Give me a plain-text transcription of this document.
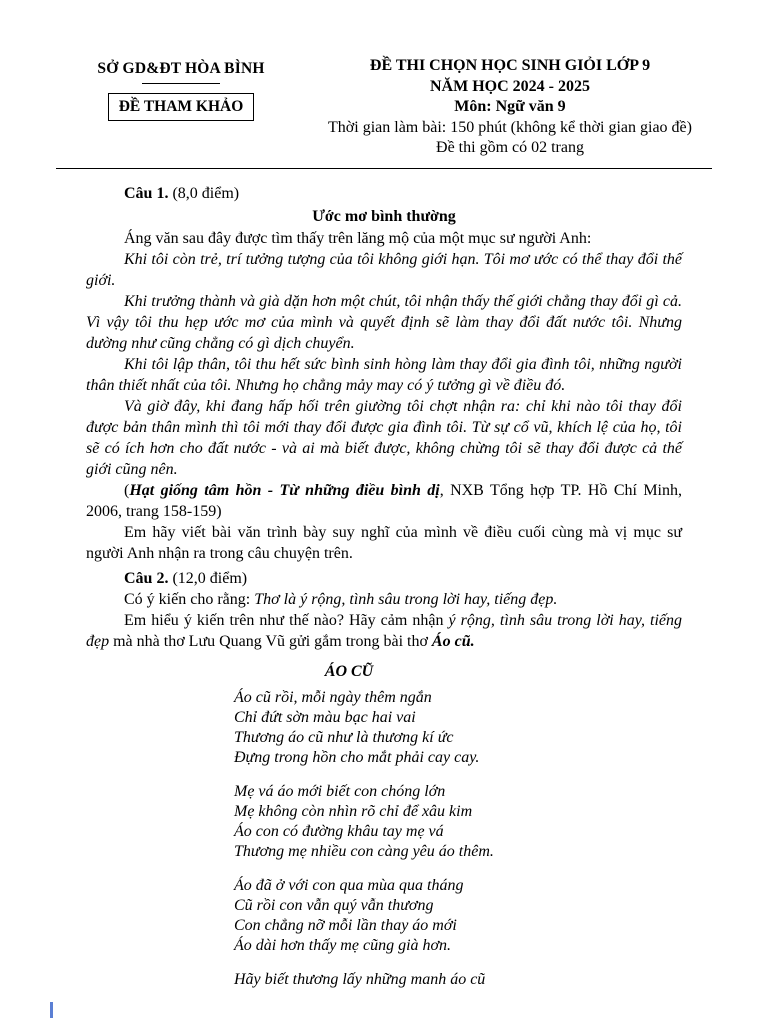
SỞ GD&ĐT HÒA BÌNH
ĐỀ THAM KHẢO
ĐỀ THI CHỌN HỌC SINH GIỎI LỚP 9
NĂM HỌC 2024 - 2025
Môn: Ngữ văn 9
Thời gian làm bài: 150 phút (không kể thời gian giao đề)
Đề thi gồm có 02 trang

Câu 1. (8,0 điểm)

Ước mơ bình thường

Áng văn sau đây được tìm thấy trên lăng mộ của một mục sư người Anh:

Khi tôi còn trẻ, trí tưởng tượng của tôi không giới hạn. Tôi mơ ước có thể thay đổi thế giới.

Khi trưởng thành và già dặn hơn một chút, tôi nhận thấy thế giới chẳng thay đổi gì cả. Vì vậy tôi thu hẹp ước mơ của mình và quyết định sẽ làm thay đổi đất nước tôi. Nhưng dường như cũng chẳng có gì dịch chuyển.

Khi tôi lập thân, tôi thu hết sức bình sinh hòng làm thay đổi gia đình tôi, những người thân thiết nhất của tôi. Nhưng họ chẳng mảy may có ý tưởng gì về điều đó.

Và giờ đây, khi đang hấp hối trên giường tôi chợt nhận ra: chỉ khi nào tôi thay đổi được bản thân mình thì tôi mới thay đổi được gia đình tôi. Từ sự cổ vũ, khích lệ của họ, tôi sẽ có ích hơn cho đất nước - và ai mà biết được, không chừng tôi sẽ thay đổi được cả thế giới cũng nên.

(Hạt giống tâm hồn - Từ những điều bình dị, NXB Tổng hợp TP. Hồ Chí Minh, 2006, trang 158-159)

Em hãy viết bài văn trình bày suy nghĩ của mình về điều cuối cùng mà vị mục sư người Anh nhận ra trong câu chuyện trên.

Câu 2. (12,0 điểm)

Có ý kiến cho rằng: Thơ là ý rộng, tình sâu trong lời hay, tiếng đẹp.

Em hiểu ý kiến trên như thế nào? Hãy cảm nhận ý rộng, tình sâu trong lời hay, tiếng đẹp mà nhà thơ Lưu Quang Vũ gửi gắm trong bài thơ Áo cũ.

ÁO CŨ
Áo cũ rồi, mỗi ngày thêm ngắn
Chỉ đứt sờn màu bạc hai vai
Thương áo cũ như là thương kí ức
Đựng trong hồn cho mắt phải cay cay.
Mẹ vá áo mới biết con chóng lớn
Mẹ không còn nhìn rõ chỉ để xâu kim
Áo con có đường khâu tay mẹ vá
Thương mẹ nhiều con càng yêu áo thêm.
Áo đã ở với con qua mùa qua tháng
Cũ rồi con vẫn quý vẫn thương
Con chẳng nỡ mỗi lần thay áo mới
Áo dài hơn thấy mẹ cũng già hơn.
Hãy biết thương lấy những manh áo cũ
